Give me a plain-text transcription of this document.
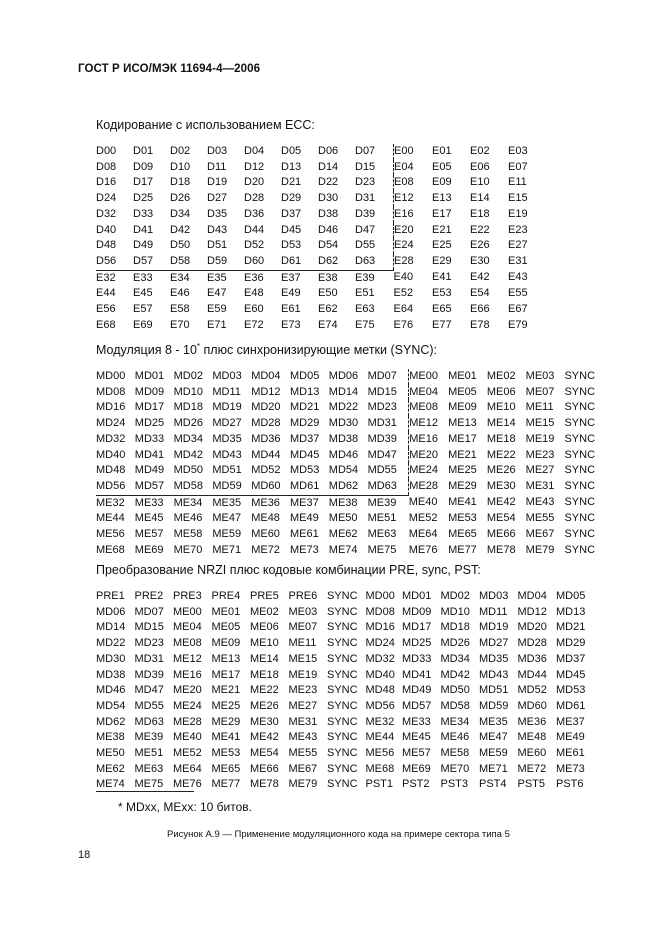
ГОСТ Р ИСО/МЭК 11694-4—2006
Кодирование с использованием ECC:
D00	D01	D02	D03	D04	D05	D06	D07	E00	E01	E02	E03
D08	D09	D10	D11	D12	D13	D14	D15	E04	E05	E06	E07
D16	D17	D18	D19	D20	D21	D22	D23	E08	E09	E10	E11
D24	D25	D26	D27	D28	D29	D30	D31	E12	E13	E14	E15
D32	D33	D34	D35	D36	D37	D38	D39	E16	E17	E18	E19
D40	D41	D42	D43	D44	D45	D46	D47	E20	E21	E22	E23
D48	D49	D50	D51	D52	D53	D54	D55	E24	E25	E26	E27
D56	D57	D58	D59	D60	D61	D62	D63	E28	E29	E30	E31
E32	E33	E34	E35	E36	E37	E38	E39	E40	E41	E42	E43
E44	E45	E46	E47	E48	E49	E50	E51	E52	E53	E54	E55
E56	E57	E58	E59	E60	E61	E62	E63	E64	E65	E66	E67
E68	E69	E70	E71	E72	E73	E74	E75	E76	E77	E78	E79
Модуляция 8 - 10* плюс синхронизирующие метки (SYNC):
MD00	MD01	MD02	MD03	MD04	MD05	MD06	MD07	ME00	ME01	ME02	ME03	SYNC
MD08	MD09	MD10	MD11	MD12	MD13	MD14	MD15	ME04	ME05	ME06	ME07	SYNC
MD16	MD17	MD18	MD19	MD20	MD21	MD22	MD23	ME08	ME09	ME10	ME11	SYNC
MD24	MD25	MD26	MD27	MD28	MD29	MD30	MD31	ME12	ME13	ME14	ME15	SYNC
MD32	MD33	MD34	MD35	MD36	MD37	MD38	MD39	ME16	ME17	ME18	ME19	SYNC
MD40	MD41	MD42	MD43	MD44	MD45	MD46	MD47	ME20	ME21	ME22	ME23	SYNC
MD48	MD49	MD50	MD51	MD52	MD53	MD54	MD55	ME24	ME25	ME26	ME27	SYNC
MD56	MD57	MD58	MD59	MD60	MD61	MD62	MD63	ME28	ME29	ME30	ME31	SYNC
ME32	ME33	ME34	ME35	ME36	ME37	ME38	ME39	ME40	ME41	ME42	ME43	SYNC
ME44	ME45	ME46	ME47	ME48	ME49	ME50	ME51	ME52	ME53	ME54	ME55	SYNC
ME56	ME57	ME58	ME59	ME60	ME61	ME62	ME63	ME64	ME65	ME66	ME67	SYNC
ME68	ME69	ME70	ME71	ME72	ME73	ME74	ME75	ME76	ME77	ME78	ME79	SYNC
Преобразование NRZI плюс кодовые комбинации PRE, sync, PST:
PRE1	PRE2	PRE3	PRE4	PRE5	PRE6	SYNC	MD00	MD01	MD02	MD03	MD04	MD05
MD06	MD07	ME00	ME01	ME02	ME03	SYNC	MD08	MD09	MD10	MD11	MD12	MD13
MD14	MD15	ME04	ME05	ME06	ME07	SYNC	MD16	MD17	MD18	MD19	MD20	MD21
MD22	MD23	ME08	ME09	ME10	ME11	SYNC	MD24	MD25	MD26	MD27	MD28	MD29
MD30	MD31	ME12	ME13	ME14	ME15	SYNC	MD32	MD33	MD34	MD35	MD36	MD37
MD38	MD39	ME16	ME17	ME18	ME19	SYNC	MD40	MD41	MD42	MD43	MD44	MD45
MD46	MD47	ME20	ME21	ME22	ME23	SYNC	MD48	MD49	MD50	MD51	MD52	MD53
MD54	MD55	ME24	ME25	ME26	ME27	SYNC	MD56	MD57	MD58	MD59	MD60	MD61
MD62	MD63	ME28	ME29	ME30	ME31	SYNC	ME32	ME33	ME34	ME35	ME36	ME37
ME38	ME39	ME40	ME41	ME42	ME43	SYNC	ME44	ME45	ME46	ME47	ME48	ME49
ME50	ME51	ME52	ME53	ME54	ME55	SYNC	ME56	ME57	ME58	ME59	ME60	ME61
ME62	ME63	ME64	ME65	ME66	ME67	SYNC	ME68	ME69	ME70	ME71	ME72	ME73
ME74	ME75	ME76	ME77	ME78	ME79	SYNC	PST1	PST2	PST3	PST4	PST5	PST6
* MDxx, MExx: 10 битов.
Рисунок А.9 — Применение модуляционного кода на примере сектора типа 5
18
